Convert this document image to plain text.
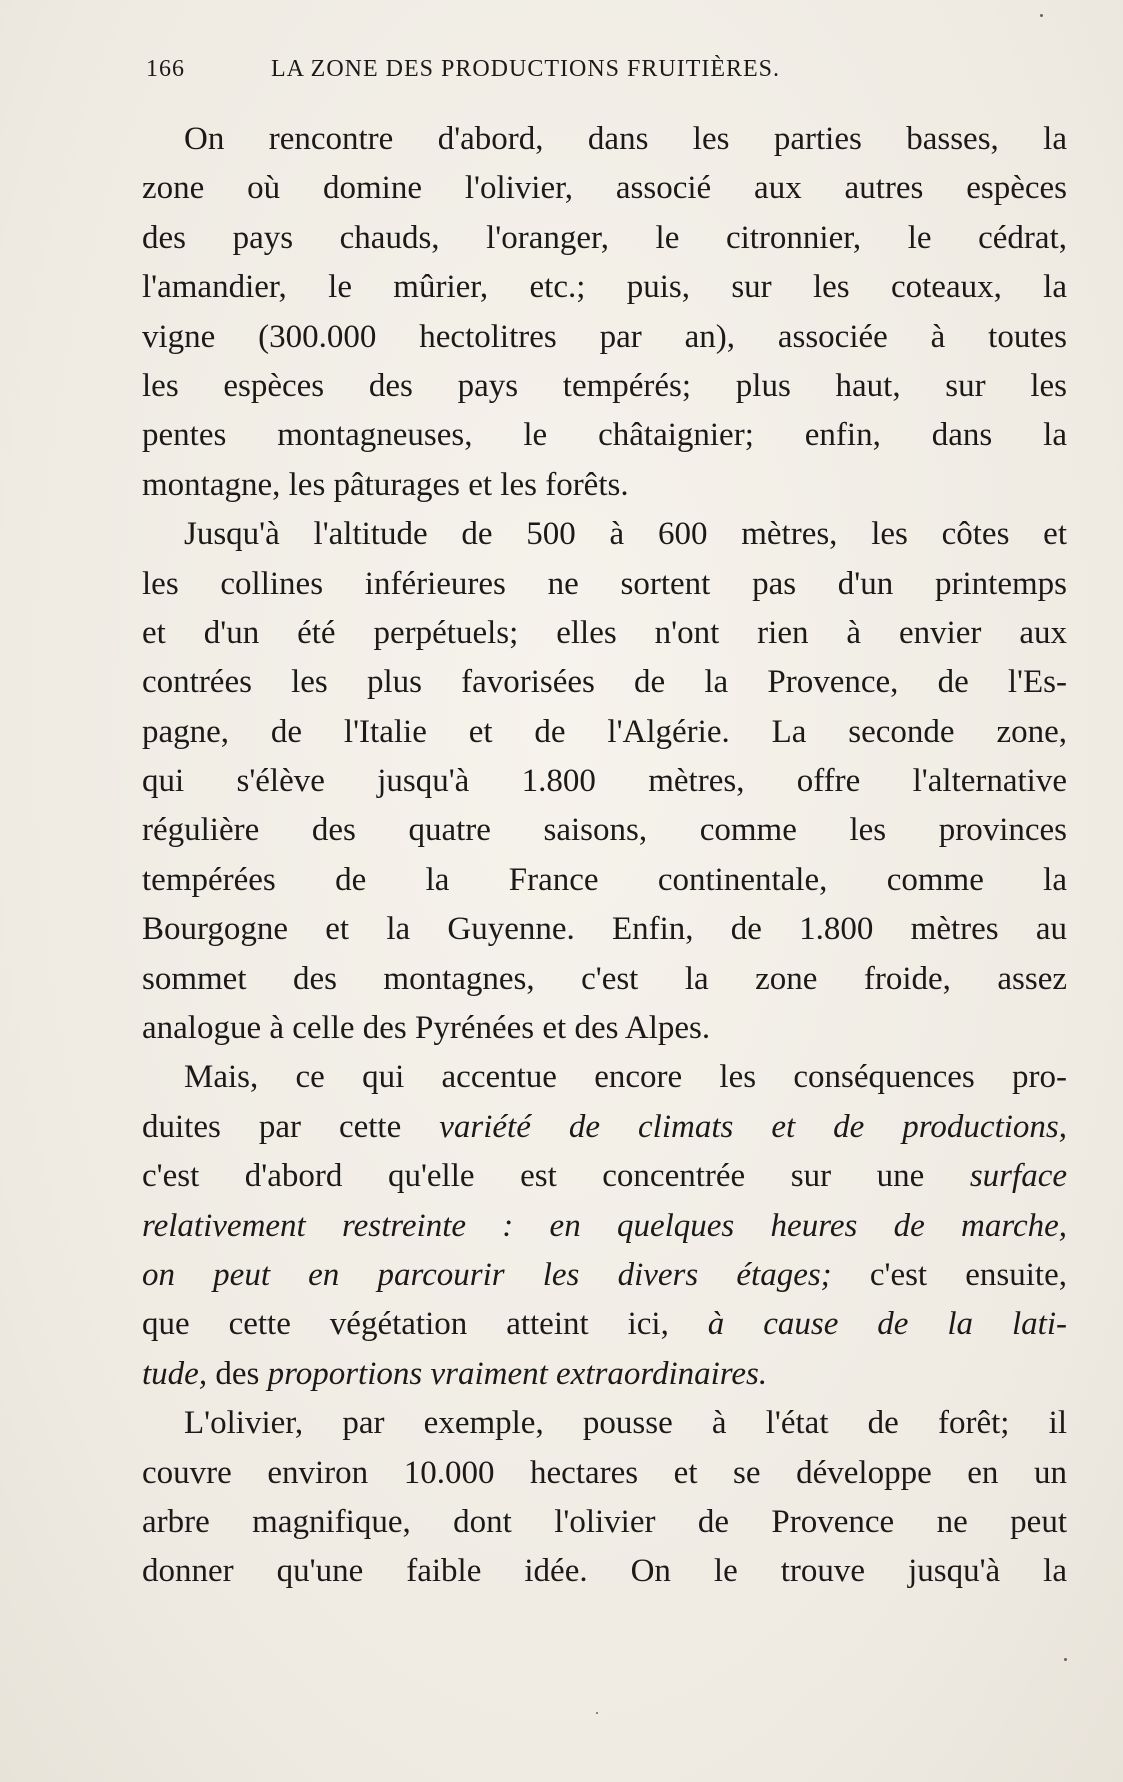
166	LA ZONE DES PRODUCTIONS FRUITIÈRES.
On rencontre d'abord, dans les parties basses, la
zone où domine l'olivier, associé aux autres espèces
des pays chauds, l'oranger, le citronnier, le cédrat,
l'amandier, le mûrier, etc.; puis, sur les coteaux, la
vigne (300.000 hectolitres par an), associée à toutes
les espèces des pays tempérés; plus haut, sur les
pentes montagneuses, le châtaignier; enfin, dans la
montagne, les pâturages et les forêts.
Jusqu'à l'altitude de 500 à 600 mètres, les côtes et
les collines inférieures ne sortent pas d'un printemps
et d'un été perpétuels; elles n'ont rien à envier aux
contrées les plus favorisées de la Provence, de l'Es-
pagne, de l'Italie et de l'Algérie. La seconde zone,
qui s'élève jusqu'à 1.800 mètres, offre l'alternative
régulière des quatre saisons, comme les provinces
tempérées de la France continentale, comme la
Bourgogne et la Guyenne. Enfin, de 1.800 mètres au
sommet des montagnes, c'est la zone froide, assez
analogue à celle des Pyrénées et des Alpes.
Mais, ce qui accentue encore les conséquences pro-
duites par cette variété de climats et de productions,
c'est d'abord qu'elle est concentrée sur une surface
relativement restreinte : en quelques heures de marche,
on peut en parcourir les divers étages; c'est ensuite,
que cette végétation atteint ici, à cause de la lati-
tude, des proportions vraiment extraordinaires.
L'olivier, par exemple, pousse à l'état de forêt; il
couvre environ 10.000 hectares et se développe en un
arbre magnifique, dont l'olivier de Provence ne peut
donner qu'une faible idée. On le trouve jusqu'à la
